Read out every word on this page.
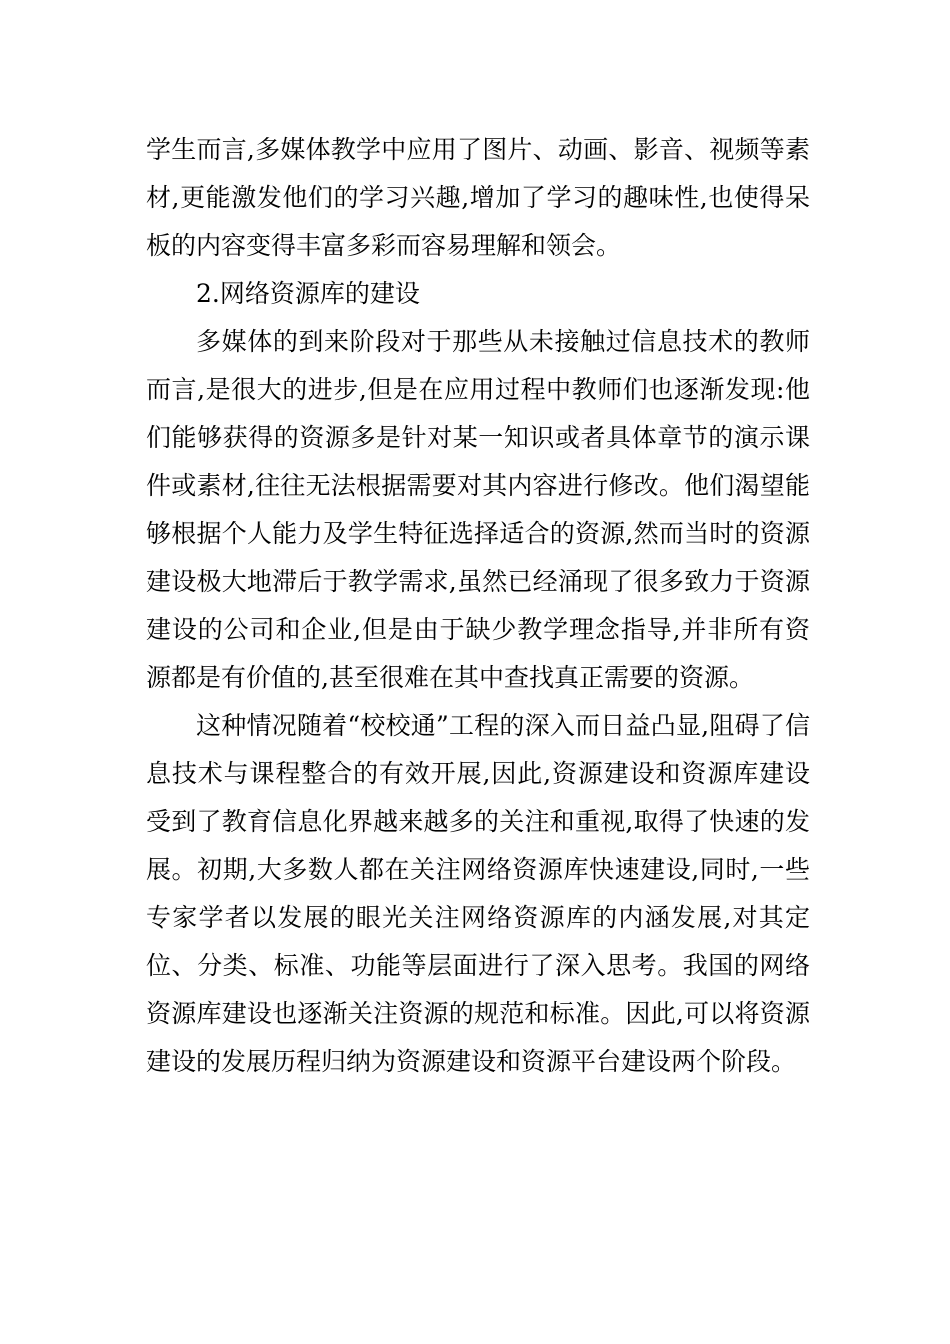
学生而言,多媒体教学中应用了图片、动画、影音、视频等素材,更能激发他们的学习兴趣,增加了学习的趣味性,也使得呆板的内容变得丰富多彩而容易理解和领会。

2.网络资源库的建设

多媒体的到来阶段对于那些从未接触过信息技术的教师而言,是很大的进步,但是在应用过程中教师们也逐渐发现:他们能够获得的资源多是针对某一知识或者具体章节的演示课件或素材,往往无法根据需要对其内容进行修改。他们渴望能够根据个人能力及学生特征选择适合的资源,然而当时的资源建设极大地滞后于教学需求,虽然已经涌现了很多致力于资源建设的公司和企业,但是由于缺少教学理念指导,并非所有资源都是有价值的,甚至很难在其中查找真正需要的资源。

这种情况随着“校校通”工程的深入而日益凸显,阻碍了信息技术与课程整合的有效开展,因此,资源建设和资源库建设受到了教育信息化界越来越多的关注和重视,取得了快速的发展。初期,大多数人都在关注网络资源库快速建设,同时,一些专家学者以发展的眼光关注网络资源库的内涵发展,对其定位、分类、标准、功能等层面进行了深入思考。我国的网络资源库建设也逐渐关注资源的规范和标准。因此,可以将资源建设的发展历程归纳为资源建设和资源平台建设两个阶段。
